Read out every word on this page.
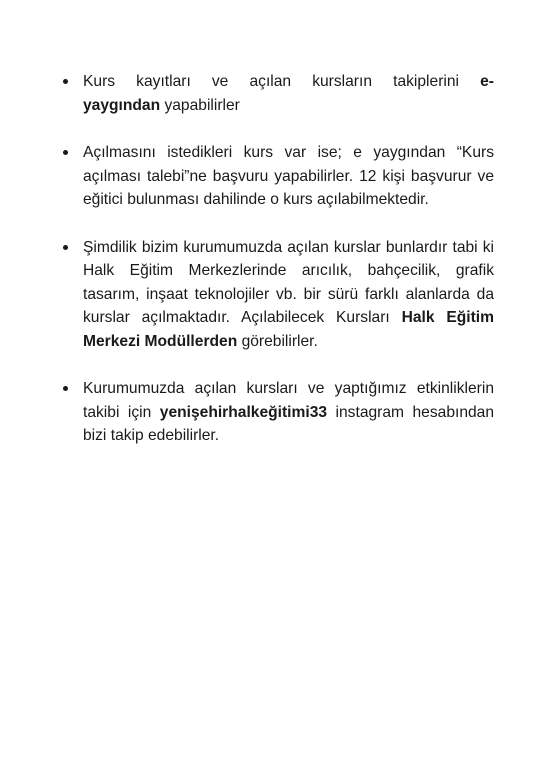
Kurs kayıtları ve açılan kursların takiplerini e-
yaygından yapabilirler
Açılmasını istedikleri kurs var ise; e yaygından “Kurs açılması talebi”ne başvuru yapabilirler. 12 kişi başvurur ve eğitici bulunması dahilinde o kurs açılabilmektedir.
Şimdilik bizim kurumumuzda açılan kurslar bunlardır tabi ki Halk Eğitim Merkezlerinde arıcılık, bahçecilik, grafik tasarım, inşaat teknolojiler vb. bir sürü farklı alanlarda da kurslar açılmaktadır. Açılabilecek Kursları Halk Eğitim Merkezi Modüllerden görebilirler.
Kurumumuzda açılan kursları ve yaptığımız etkinliklerin takibi için yenişehirhalkeğitimi33 instagram hesabından bizi takip edebilirler.
